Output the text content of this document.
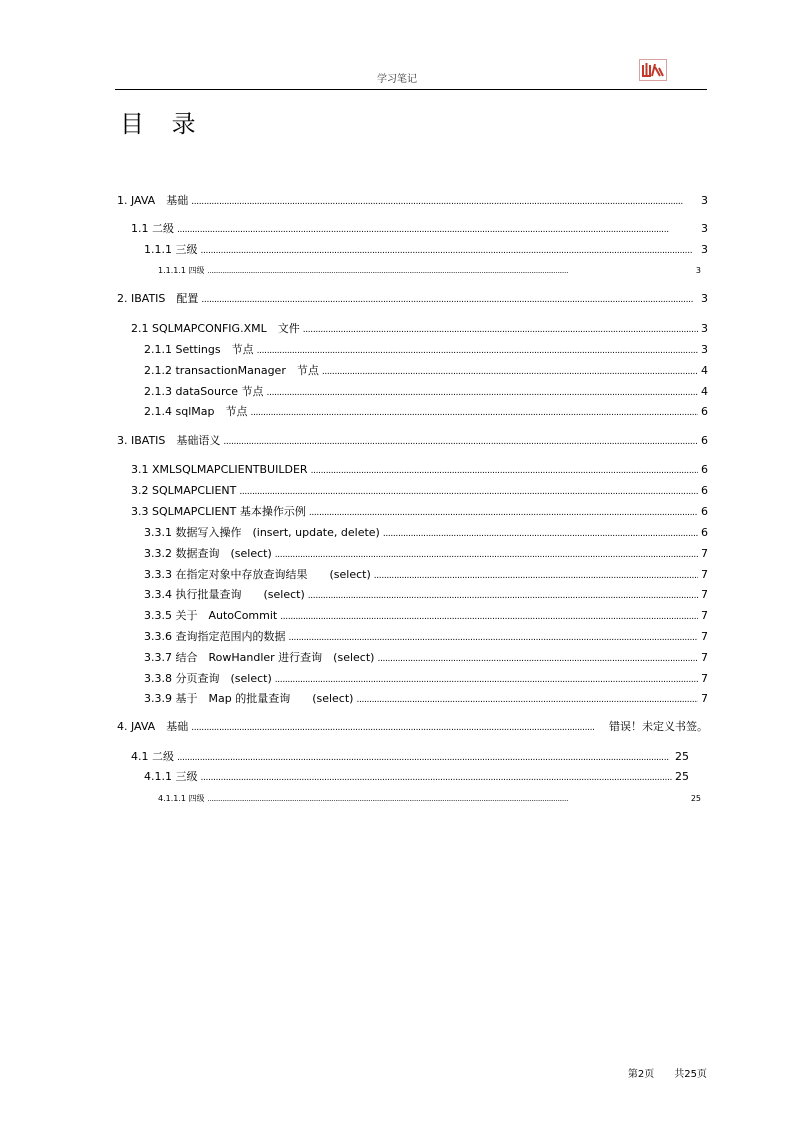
学习笔记
目 录
1. JAVA　基础 . . .	3
1.1 二级 . . .	3
1.1.1 三级 . . .	3
1.1.1.1 四级 . . .	3
2. IBATIS　配置 . . .	3
2.1 SQLMAPCONFIG.XML　文件 . . .	3
2.1.1 Settings　节点 . . .	3
2.1.2 transactionManager　节点 . . .	4
2.1.3 dataSource 节点 . . .	4
2.1.4 sqlMap　节点 . . .	6
3. IBATIS　基础语义 . . .	6
3.1 XMLSQLMAPCLIENTBUILDER . . .	6
3.2 SQLMAPCLIENT . . .	6
3.3 SQLMAPCLIENT 基本操作示例 . . .	6
3.3.1 数据写入操作　(insert, update, delete) . . .	6
3.3.2 数据查询　(select) . . .	7
3.3.3 在指定对象中存放查询结果　　(select) . . .	7
3.3.4 执行批量查询　　(select) . . .	7
3.3.5 关于　AutoCommit . . .	7
3.3.6 查询指定范围内的数据 . . .	7
3.3.7 结合　RowHandler 进行查询　(select) . . .	7
3.3.8 分页查询　(select) . . .	7
3.3.9 基于　Map 的批量查询　　(select) . . .	7
4. JAVA　基础 . . .	错误！未定义书签。
4.1 二级 . . .	25
4.1.1 三级 . . .	25
4.1.1.1 四级 . . .	25
第2页　　共25页
